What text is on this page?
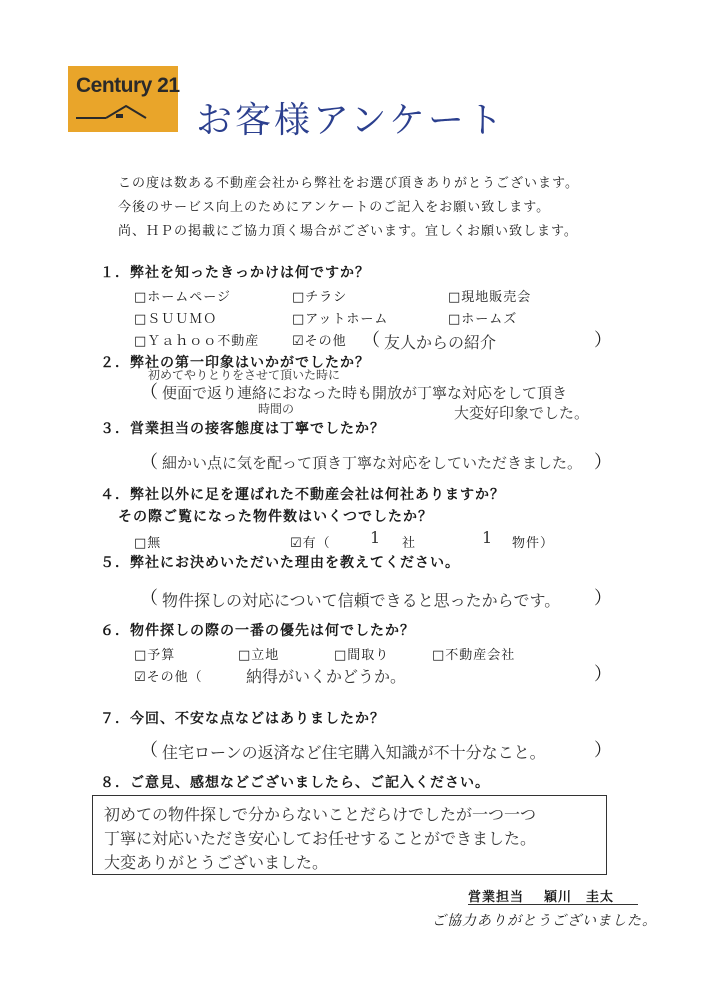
Century 21
お客様アンケート
この度は数ある不動産会社から弊社をお選び頂きありがとうございます。
今後のサービス向上のためにアンケートのご記入をお願い致します。
尚、ＨＰの掲載にご協力頂く場合がございます。宜しくお願い致します。
１．弊社を知ったきっかけは何ですか？
□ホームページ	□チラシ	□現地販売会
□ＳＵＵＭＯ	□アットホーム	□ホームズ
□Ｙａｈｏｏ不動産	☑その他 （ 友人からの紹介	）
２．弊社の第一印象はいかがでしたか？
初めてやりとりをさせて頂いた時に
（ 便面で返り連絡におなった時も開放が丁寧な対応をして頂き
時間の	大変好印象でした。
３．営業担当の接客態度は丁寧でしたか？
（ 細かい点に気を配って頂き丁寧な対応をしていただきました。 ）
４．弊社以外に足を運ばれた不動産会社は何社ありますか？
その際ご覧になった物件数はいくつでしたか？
□無	☑有（ 1 社	1 物件）
５．弊社にお決めいただいた理由を教えてください。
（ 物件探しの対応について信頼できると思ったからです。 ）
６．物件探しの際の一番の優先は何でしたか？
□予算	□立地	□間取り	□不動産会社
☑その他（	納得がいくかどうか。	）
７．今回、不安な点などはありましたか？
（ 住宅ローンの返済など住宅購入知識が不十分なこと。	）
８．ご意見、感想などございましたら、ご記入ください。
初めての物件探しで分からないことだらけでしたが一つ一つ
丁寧に対応いただき安心してお任せすることができました。
大変ありがとうございました。
営業担当 穎川　圭太
ご協力ありがとうございました。
